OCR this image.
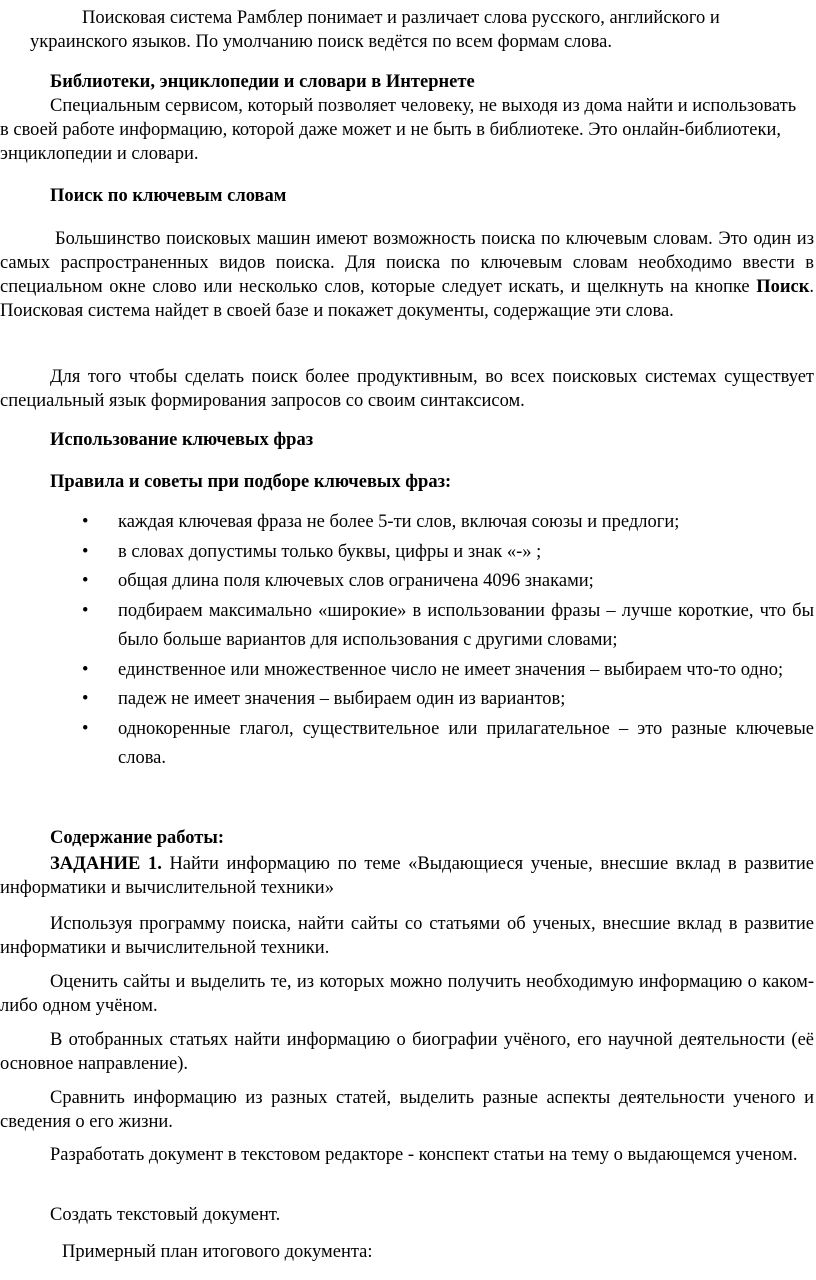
Поисковая система Рамблер понимает и различает слова русского, английского и украинского языков. По умолчанию поиск ведётся по всем формам слова.

Библиотеки, энциклопедии и словари в Интернете

Специальным сервисом, который позволяет человеку, не выходя из дома найти и использовать в своей работе информацию, которой даже может и не быть в библиотеке. Это онлайн-библиотеки, энциклопедии и словари.

Поиск по ключевым словам

Большинство поисковых машин имеют возможность поиска по ключевым словам. Это один из самых распространенных видов поиска. Для поиска по ключевым словам необходимо ввести в специальном окне слово или несколько слов, которые следует искать, и щелкнуть на кнопке Поиск. Поисковая система найдет в своей базе и покажет документы, содержащие эти слова.

Для того чтобы сделать поиск более продуктивным, во всех поисковых системах существует специальный язык формирования запросов со своим синтаксисом.

Использование ключевых фраз

Правила и советы при подборе ключевых фраз:

• каждая ключевая фраза не более 5-ти слов, включая союзы и предлоги;
• в словах допустимы только буквы, цифры и знак «-» ;
• общая длина поля ключевых слов ограничена 4096 знаками;
• подбираем максимально «широкие» в использовании фразы – лучше короткие, что бы было больше вариантов для использования с другими словами;
• единственное или множественное число не имеет значения – выбираем что-то одно;
• падеж не имеет значения – выбираем один из вариантов;
• однокоренные глагол, существительное или прилагательное – это разные ключевые слова.

Содержание работы:

ЗАДАНИЕ 1. Найти информацию по теме «Выдающиеся ученые, внесшие вклад в развитие информатики и вычислительной техники»

Используя программу поиска, найти сайты со статьями об ученых, внесшие вклад в развитие информатики и вычислительной техники.

Оценить сайты и выделить те, из которых можно получить необходимую информацию о каком-либо одном учёном.

В отобранных статьях найти информацию о биографии учёного, его научной деятельности (её основное направление).

Сравнить информацию из разных статей, выделить разные аспекты деятельности ученого и сведения о его жизни.

Разработать документ в текстовом редакторе - конспект статьи на тему о выдающемся ученом.

Создать текстовый документ.

Примерный план итогового документа:
